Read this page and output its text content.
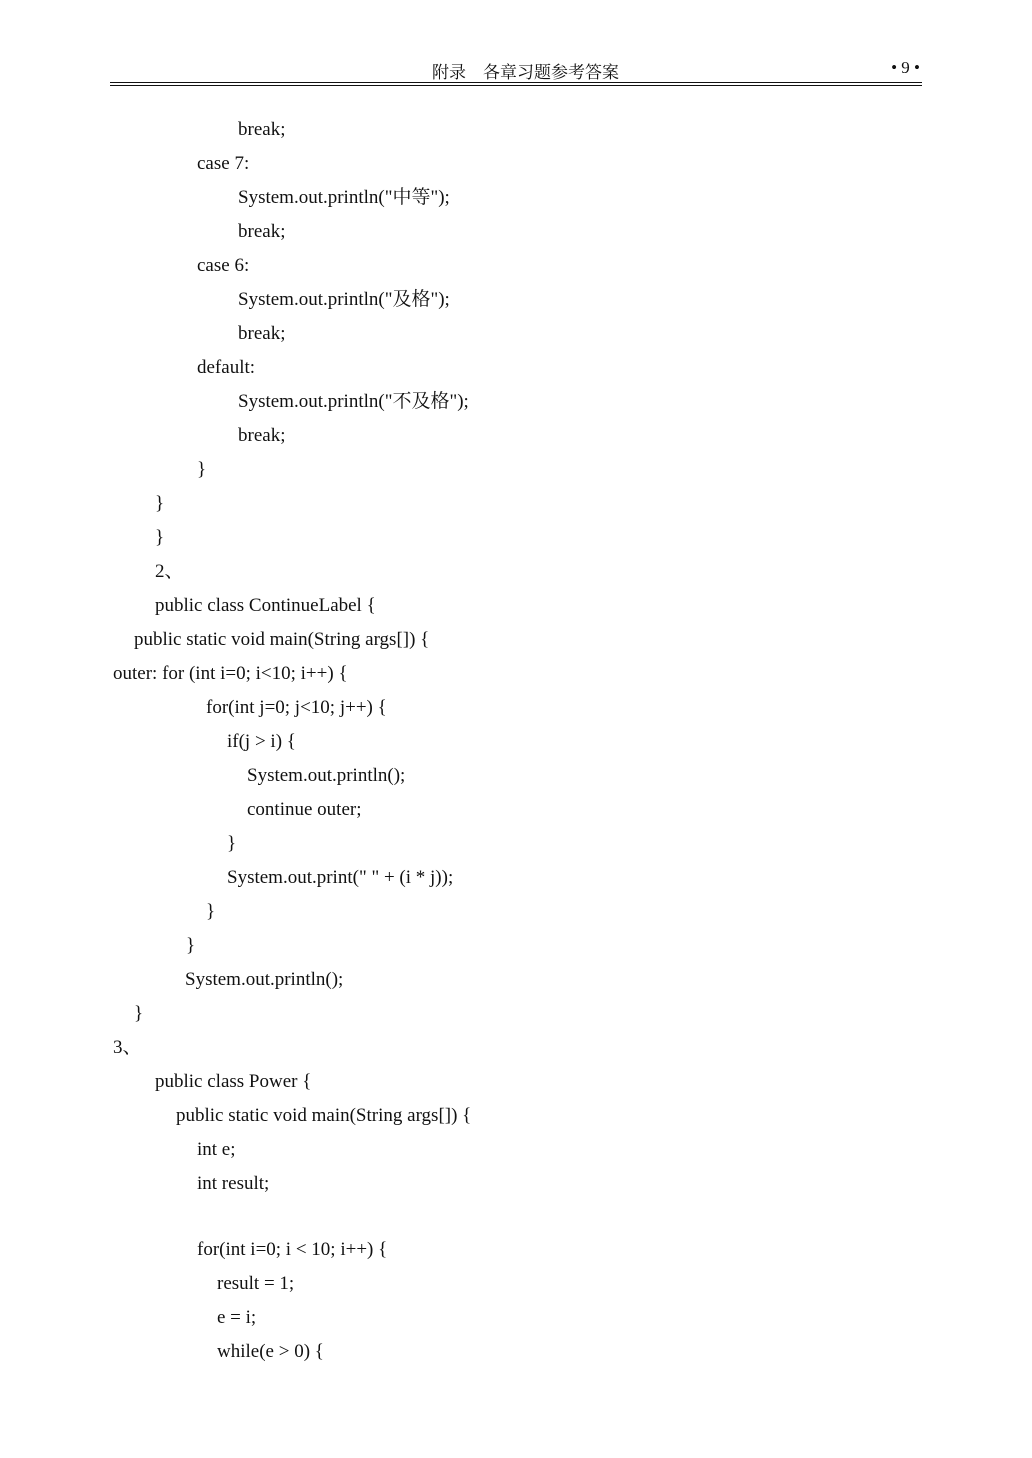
附录    各章习题参考答案	• 9 •
break;
case 7:
System.out.println("中等");
break;
case 6:
System.out.println("及格");
break;
default:
System.out.println("不及格");
break;
}
}
}
2、
public class ContinueLabel {
public static void main(String args[]) {
outer: for (int i=0; i<10; i++) {
for(int j=0; j<10; j++) {
if(j > i) {
System.out.println();
continue outer;
}
System.out.print(" " + (i * j));
}
}
System.out.println();
}
3、
public class Power {
public static void main(String args[]) {
int e;
int result;
for(int i=0; i < 10; i++) {
result = 1;
e = i;
while(e > 0) {
